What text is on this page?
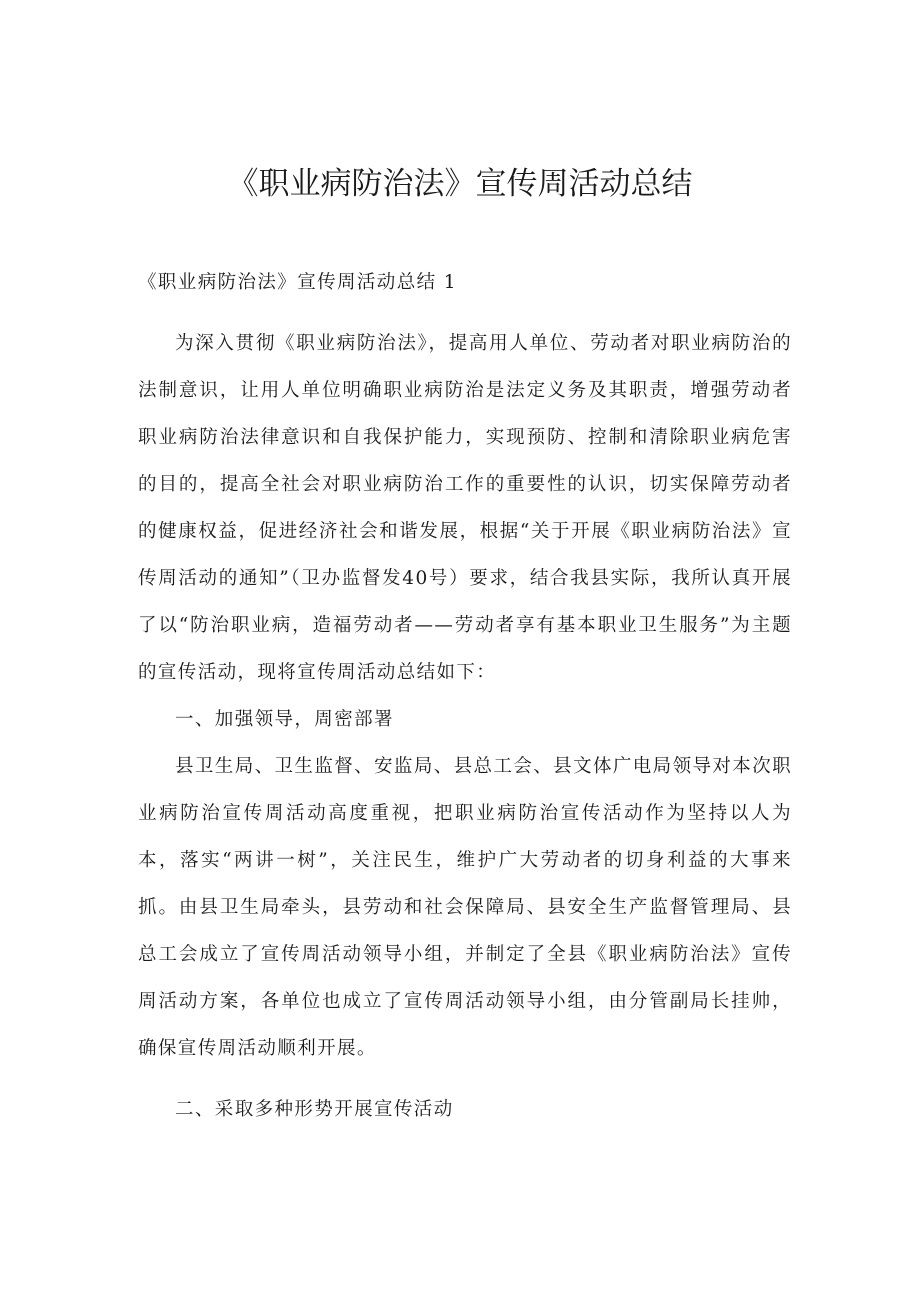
《职业病防治法》宣传周活动总结

《职业病防治法》宣传周活动总结 1

为深入贯彻《职业病防治法》，提高用人单位、劳动者对职业病防治的法制意识，让用人单位明确职业病防治是法定义务及其职责，增强劳动者职业病防治法律意识和自我保护能力，实现预防、控制和清除职业病危害的目的，提高全社会对职业病防治工作的重要性的认识，切实保障劳动者的健康权益，促进经济社会和谐发展，根据“关于开展《职业病防治法》宣传周活动的通知”（卫办监督发40号）要求，结合我县实际，我所认真开展了以“防治职业病，造福劳动者——劳动者享有基本职业卫生服务”为主题的宣传活动，现将宣传周活动总结如下：

一、加强领导，周密部署

县卫生局、卫生监督、安监局、县总工会、县文体广电局领导对本次职业病防治宣传周活动高度重视，把职业病防治宣传活动作为坚持以人为本，落实“两讲一树”，关注民生，维护广大劳动者的切身利益的大事来抓。由县卫生局牵头，县劳动和社会保障局、县安全生产监督管理局、县总工会成立了宣传周活动领导小组，并制定了全县《职业病防治法》宣传周活动方案，各单位也成立了宣传周活动领导小组，由分管副局长挂帅，确保宣传周活动顺利开展。

二、采取多种形势开展宣传活动
